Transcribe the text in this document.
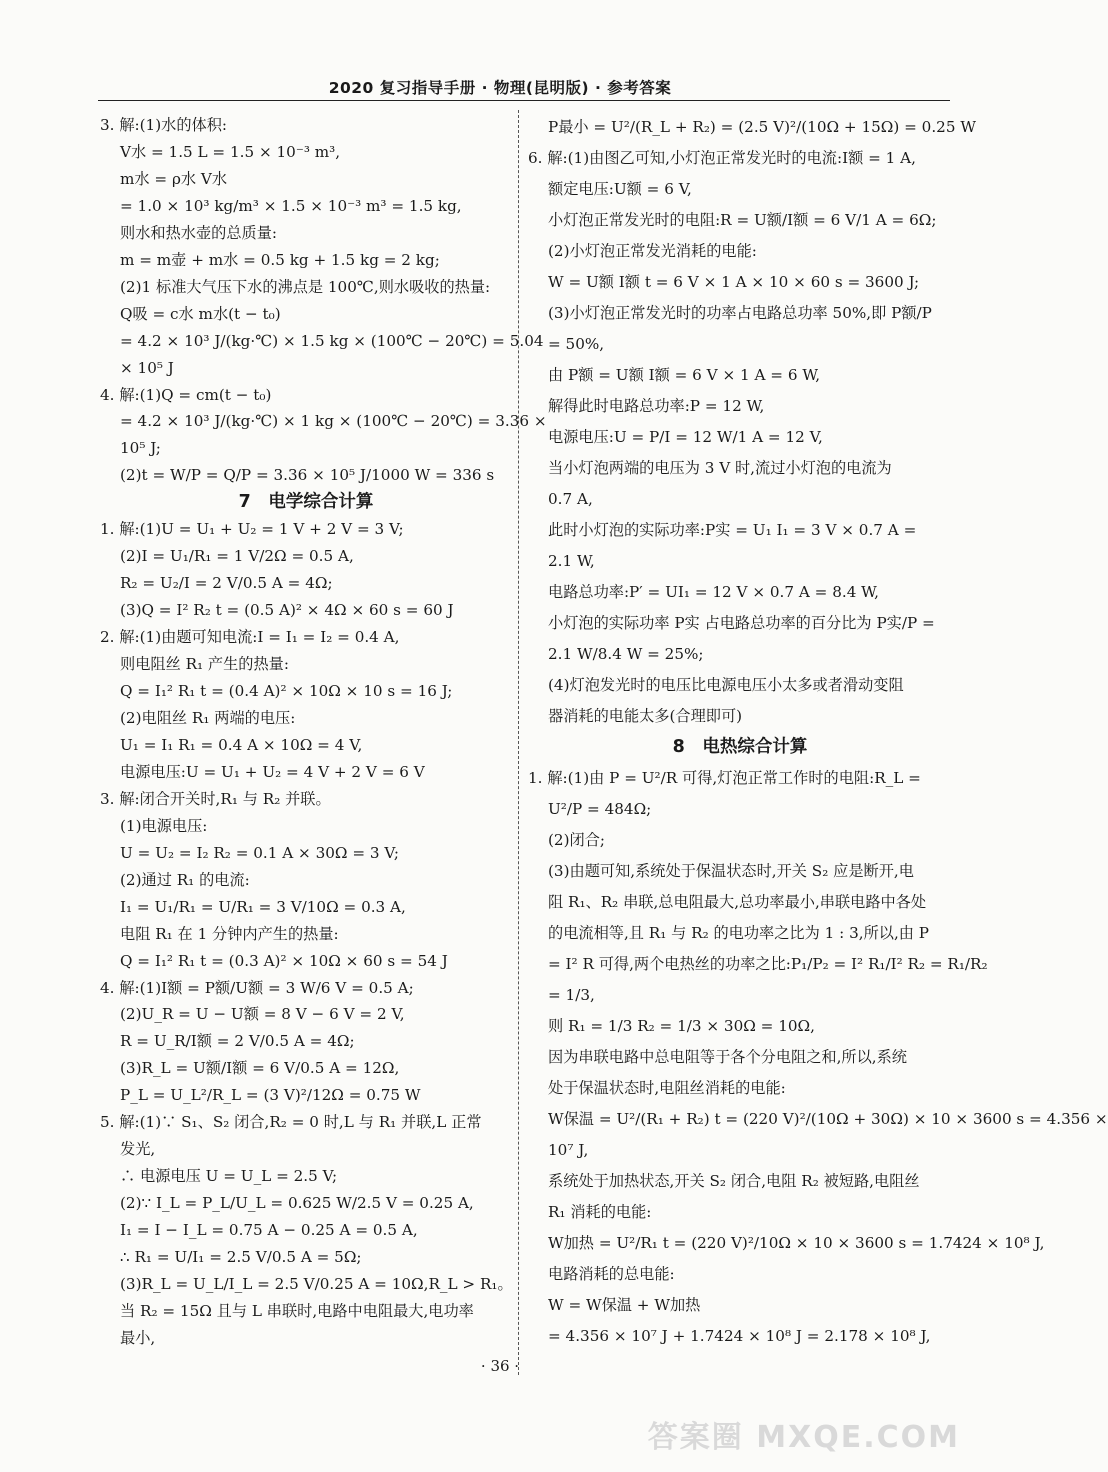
2020 复习指导手册 · 物理(昆明版) · 参考答案

3. 解:(1)水的体积:

V水 = 1.5 L = 1.5 × 10⁻³ m³,

m水 = ρ水 V水

= 1.0 × 10³ kg/m³ × 1.5 × 10⁻³ m³ = 1.5 kg,

则水和热水壶的总质量:

m = m壶 + m水 = 0.5 kg + 1.5 kg = 2 kg;

(2)1 标准大气压下水的沸点是 100℃,则水吸收的热量:

Q吸 = c水 m水(t − t₀)

= 4.2 × 10³ J/(kg·℃) × 1.5 kg × (100℃ − 20℃) = 5.04

× 10⁵ J

4. 解:(1)Q = cm(t − t₀)

= 4.2 × 10³ J/(kg·℃) × 1 kg × (100℃ − 20℃) = 3.36 ×

10⁵ J;

(2)t = W/P = Q/P = 3.36 × 10⁵ J/1000 W = 336 s

7　电学综合计算

1. 解:(1)U = U₁ + U₂ = 1 V + 2 V = 3 V;

(2)I = U₁/R₁ = 1 V/2Ω = 0.5 A,

R₂ = U₂/I = 2 V/0.5 A = 4Ω;

(3)Q = I² R₂ t = (0.5 A)² × 4Ω × 60 s = 60 J

2. 解:(1)由题可知电流:I = I₁ = I₂ = 0.4 A,

则电阻丝 R₁ 产生的热量:

Q = I₁² R₁ t = (0.4 A)² × 10Ω × 10 s = 16 J;

(2)电阻丝 R₁ 两端的电压:

U₁ = I₁ R₁ = 0.4 A × 10Ω = 4 V,

电源电压:U = U₁ + U₂ = 4 V + 2 V = 6 V

3. 解:闭合开关时,R₁ 与 R₂ 并联。

(1)电源电压:

U = U₂ = I₂ R₂ = 0.1 A × 30Ω = 3 V;

(2)通过 R₁ 的电流:

I₁ = U₁/R₁ = U/R₁ = 3 V/10Ω = 0.3 A,

电阻 R₁ 在 1 分钟内产生的热量:

Q = I₁² R₁ t = (0.3 A)² × 10Ω × 60 s = 54 J

4. 解:(1)I额 = P额/U额 = 3 W/6 V = 0.5 A;

(2)U_R = U − U额 = 8 V − 6 V = 2 V,

R = U_R/I额 = 2 V/0.5 A = 4Ω;

(3)R_L = U额/I额 = 6 V/0.5 A = 12Ω,

P_L = U_L²/R_L = (3 V)²/12Ω = 0.75 W

5. 解:(1)∵ S₁、S₂ 闭合,R₂ = 0 时,L 与 R₁ 并联,L 正常

发光,

∴ 电源电压 U = U_L = 2.5 V;

(2)∵ I_L = P_L/U_L = 0.625 W/2.5 V = 0.25 A,

I₁ = I − I_L = 0.75 A − 0.25 A = 0.5 A,

∴ R₁ = U/I₁ = 2.5 V/0.5 A = 5Ω;

(3)R_L = U_L/I_L = 2.5 V/0.25 A = 10Ω,R_L > R₁。

当 R₂ = 15Ω 且与 L 串联时,电路中电阻最大,电功率

最小,

P最小 = U²/(R_L + R₂) = (2.5 V)²/(10Ω + 15Ω) = 0.25 W

6. 解:(1)由图乙可知,小灯泡正常发光时的电流:I额 = 1 A,

额定电压:U额 = 6 V,

小灯泡正常发光时的电阻:R = U额/I额 = 6 V/1 A = 6Ω;

(2)小灯泡正常发光消耗的电能:

W = U额 I额 t = 6 V × 1 A × 10 × 60 s = 3600 J;

(3)小灯泡正常发光时的功率占电路总功率 50%,即 P额/P

= 50%,

由 P额 = U额 I额 = 6 V × 1 A = 6 W,

解得此时电路总功率:P = 12 W,

电源电压:U = P/I = 12 W/1 A = 12 V,

当小灯泡两端的电压为 3 V 时,流过小灯泡的电流为

0.7 A,

此时小灯泡的实际功率:P实 = U₁ I₁ = 3 V × 0.7 A =

2.1 W,

电路总功率:P′ = UI₁ = 12 V × 0.7 A = 8.4 W,

小灯泡的实际功率 P实 占电路总功率的百分比为 P实/P =

2.1 W/8.4 W = 25%;

(4)灯泡发光时的电压比电源电压小太多或者滑动变阻

器消耗的电能太多(合理即可)

8　电热综合计算

1. 解:(1)由 P = U²/R 可得,灯泡正常工作时的电阻:R_L =

U²/P = 484Ω;

(2)闭合;

(3)由题可知,系统处于保温状态时,开关 S₂ 应是断开,电

阻 R₁、R₂ 串联,总电阻最大,总功率最小,串联电路中各处

的电流相等,且 R₁ 与 R₂ 的电功率之比为 1 : 3,所以,由 P

= I² R 可得,两个电热丝的功率之比:P₁/P₂ = I² R₁/I² R₂ = R₁/R₂

= 1/3,

则 R₁ = 1/3 R₂ = 1/3 × 30Ω = 10Ω,

因为串联电路中总电阻等于各个分电阻之和,所以,系统

处于保温状态时,电阻丝消耗的电能:

W保温 = U²/(R₁ + R₂) t = (220 V)²/(10Ω + 30Ω) × 10 × 3600 s = 4.356 ×

10⁷ J,

系统处于加热状态,开关 S₂ 闭合,电阻 R₂ 被短路,电阻丝

R₁ 消耗的电能:

W加热 = U²/R₁ t = (220 V)²/10Ω × 10 × 3600 s = 1.7424 × 10⁸ J,

电路消耗的总电能:

W = W保温 + W加热

= 4.356 × 10⁷ J + 1.7424 × 10⁸ J = 2.178 × 10⁸ J,

· 36 ·
答案圈 MXQE.COM
